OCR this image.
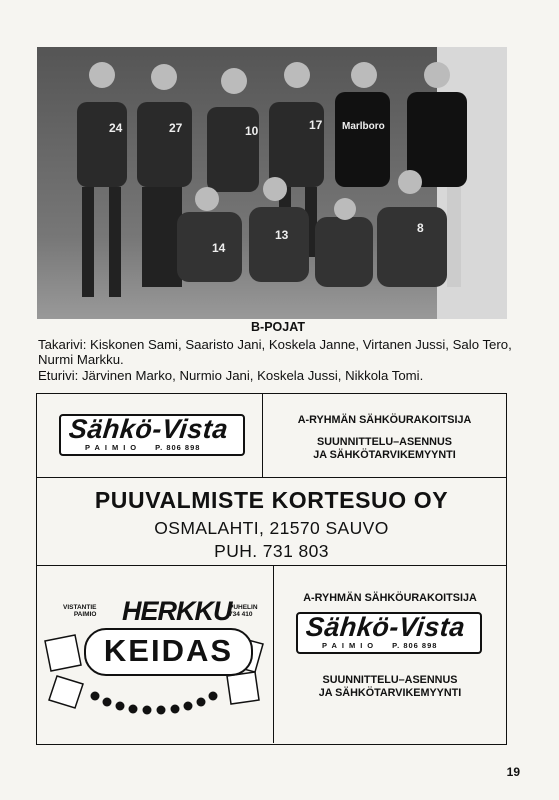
24	27	10	17
14
13	8
Marlboro
B-POJAT
Takarivi: Kiskonen Sami, Saaristo Jani, Koskela Janne, Virtanen Jussi, Salo Tero, Nurmi Markku.
Eturivi: Järvinen Marko, Nurmio Jani, Koskela Jussi, Nikkola Tomi.
Sähkö-Vista
PAIMIO P. 806 898
A-RYHMÄN SÄHKÖURAKOITSIJA
SUUNNITTELU–ASENNUS
JA SÄHKÖTARVIKEMYYNTI
PUUVALMISTE KORTESUO OY
OSMALAHTI, 21570 SAUVO
PUH. 731 803
VISTANTIE
PAIMIO HERKKU
PUHELIN
734 410
KEIDAS
A-RYHMÄN SÄHKÖURAKOITSIJA
Sähkö-Vista
PAIMIO P. 806 898
SUUNNITTELU–ASENNUS
JA SÄHKÖTARVIKEMYYNTI
19
